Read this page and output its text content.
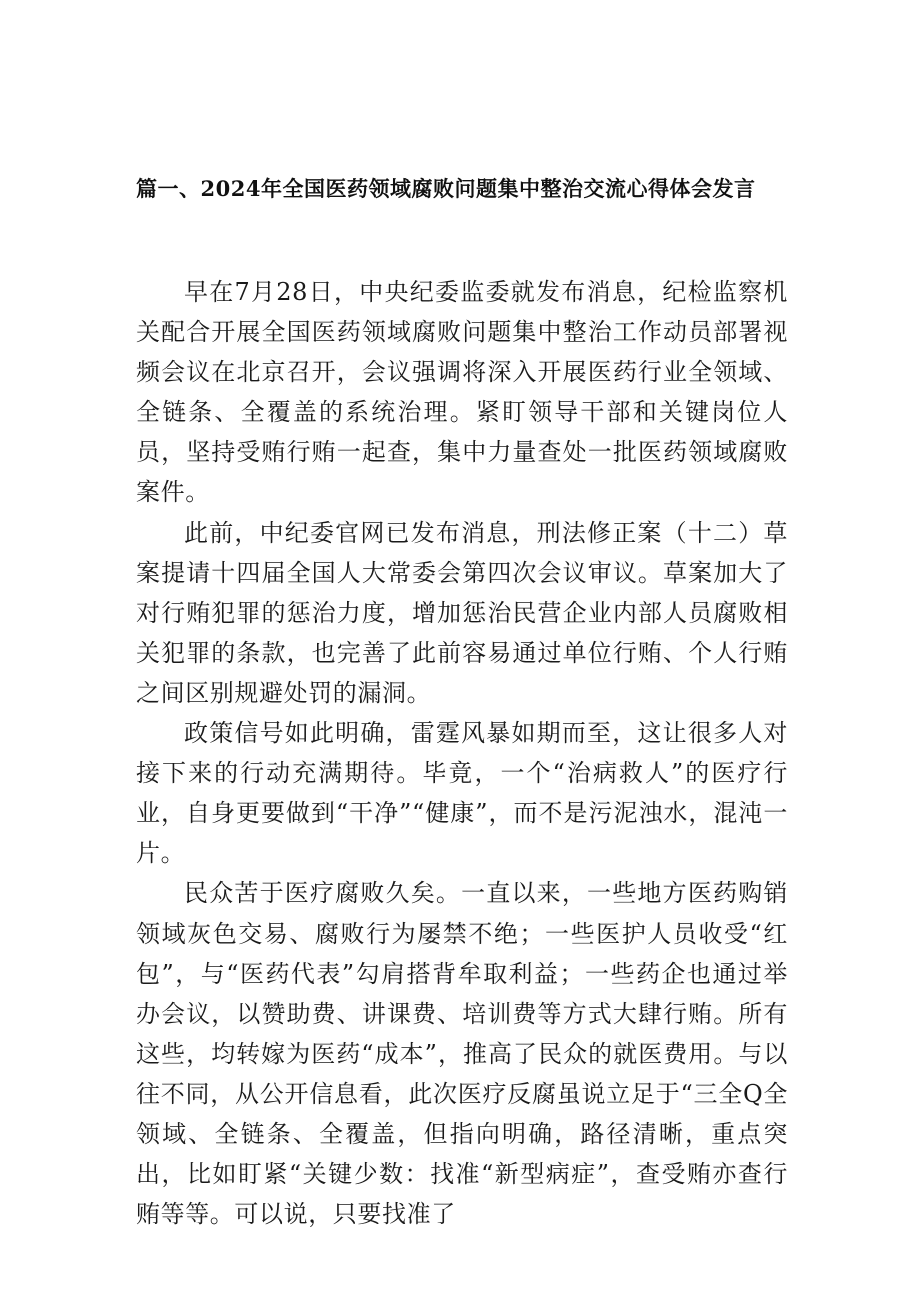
篇一、2024年全国医药领域腐败问题集中整治交流心得体会发言

早在7月28日，中央纪委监委就发布消息，纪检监察机关配合开展全国医药领域腐败问题集中整治工作动员部署视频会议在北京召开，会议强调将深入开展医药行业全领域、全链条、全覆盖的系统治理。紧盯领导干部和关键岗位人员，坚持受贿行贿一起查，集中力量查处一批医药领域腐败案件。

此前，中纪委官网已发布消息，刑法修正案（十二）草案提请十四届全国人大常委会第四次会议审议。草案加大了对行贿犯罪的惩治力度，增加惩治民营企业内部人员腐败相关犯罪的条款，也完善了此前容易通过单位行贿、个人行贿之间区别规避处罚的漏洞。

政策信号如此明确，雷霆风暴如期而至，这让很多人对接下来的行动充满期待。毕竟，一个“治病救人”的医疗行业，自身更要做到“干净”“健康”，而不是污泥浊水，混沌一片。

民众苦于医疗腐败久矣。一直以来，一些地方医药购销领域灰色交易、腐败行为屡禁不绝；一些医护人员收受“红包”，与“医药代表”勾肩搭背牟取利益；一些药企也通过举办会议，以赞助费、讲课费、培训费等方式大肆行贿。所有这些，均转嫁为医药“成本”，推高了民众的就医费用。与以往不同，从公开信息看，此次医疗反腐虽说立足于“三全Q全领域、全链条、全覆盖，但指向明确，路径清晰，重点突出，比如盯紧“关键少数：找准“新型病症”，查受贿亦查行贿等等。可以说，只要找准了
